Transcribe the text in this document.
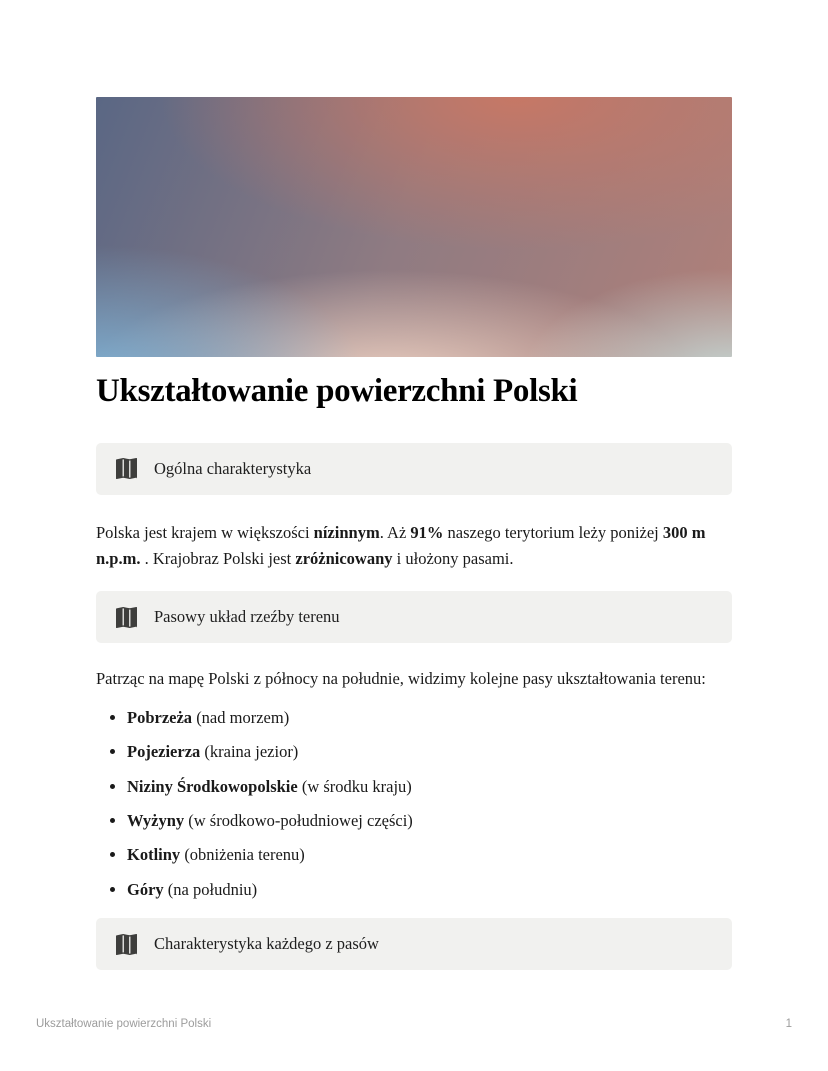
Ukształtowanie powierzchni Polski
Ogólna charakterystyka

Polska jest krajem w większości nízinnym. Aż 91% naszego terytorium leży poniżej 300 m n.p.m. . Krajobraz Polski jest zróżnicowany i ułożony pasami.

Pasowy układ rzeźby terenu

Patrząc na mapę Polski z północy na południe, widzimy kolejne pasy ukształtowania terenu:

• Pobrzeża (nad morzem)
• Pojezierza (kraina jezior)
• Niziny Środkowopolskie (w środku kraju)
• Wyżyny (w środkowo-południowej części)
• Kotliny (obniżenia terenu)
• Góry (na południu)
Charakterystyka każdego z pasów
Ukształtowanie powierzchni Polski	1
